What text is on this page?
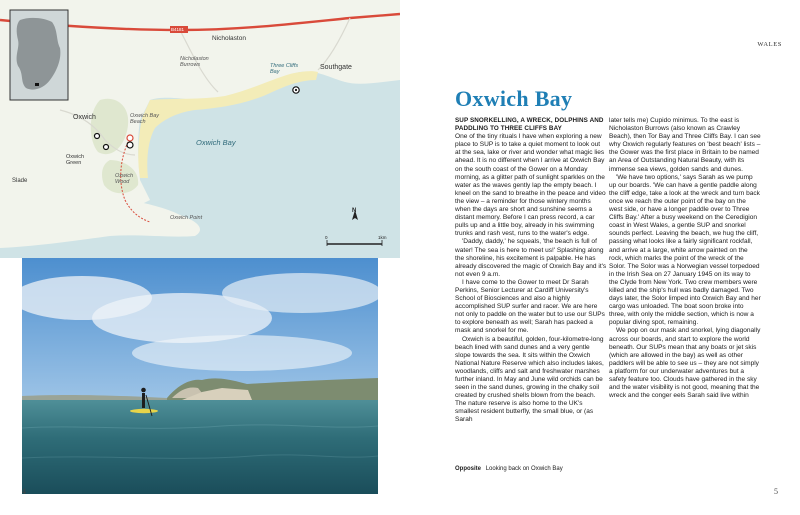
B4181
Nicholaston
Nicholaston
Burrows	Three Cliffs
Bay
Southgate
Oxwich	Oxwich Bay
Beach
Oxwich Bay
Oxwich
Green
Oxwich
Wood
Slade
Oxwich Point
N
0	1km
4
WALES
Oxwich Bay
SUP SNORKELLING, A WRECK, DOLPHINS AND PADDLING TO THREE CLIFFS BAY

One of the tiny rituals I have when exploring a new place to SUP is to take a quiet moment to look out at the sea, lake or river and wonder what magic lies ahead. It is no different when I arrive at Oxwich Bay on the south coast of the Gower on a Monday morning, as a glitter path of sunlight sparkles on the water as the waves gently lap the empty beach. I kneel on the sand to breathe in the peace and video the view – a reminder for those wintery months when the days are short and sunshine seems a distant memory. Before I can press record, a car pulls up and a little boy, already in his swimming trunks and rash vest, runs to the water's edge.

'Daddy, daddy,' he squeals, 'the beach is full of water! The sea is here to meet us!' Splashing along the shoreline, his excitement is palpable. He has already discovered the magic of Oxwich Bay and it's not even 9 a.m.

I have come to the Gower to meet Dr Sarah Perkins, Senior Lecturer at Cardiff University's School of Biosciences and also a highly accomplished SUP surfer and racer. We are here not only to paddle on the water but to use our SUPs to explore beneath as well; Sarah has packed a mask and snorkel for me.

Oxwich is a beautiful, golden, four-kilometre-long beach lined with sand dunes and a very gentle slope towards the sea. It sits within the Oxwich National Nature Reserve which also includes lakes, woodlands, cliffs and salt and freshwater marshes further inland. In May and June wild orchids can be seen in the sand dunes, growing in the chalky soil created by crushed shells blown from the beach. The nature reserve is also home to the UK's smallest resident butterfly, the small blue, or (as Sarah

later tells me) Cupido minimus. To the east is Nicholaston Burrows (also known as Crawley Beach), then Tor Bay and Three Cliffs Bay. I can see why Oxwich regularly features on 'best beach' lists – the Gower was the first place in Britain to be named an Area of Outstanding Natural Beauty, with its immense sea views, golden sands and dunes.

'We have two options,' says Sarah as we pump up our boards. 'We can have a gentle paddle along the cliff edge, take a look at the wreck and turn back once we reach the outer point of the bay on the west side, or have a longer paddle over to Three Cliffs Bay.' After a busy weekend on the Ceredigion coast in West Wales, a gentle SUP and snorkel sounds perfect. Leaving the beach, we hug the cliff, passing what looks like a fairly significant rockfall, and arrive at a large, white arrow painted on the rock, which marks the point of the wreck of the Solor. The Solor was a Norwegian vessel torpedoed in the Irish Sea on 27 January 1945 on its way to the Clyde from New York. Two crew members were killed and the ship's hull was badly damaged. Two days later, the Solor limped into Oxwich Bay and her cargo was unloaded. The boat soon broke into three, with only the middle section, which is now a popular diving spot, remaining.

We pop on our mask and snorkel, lying diagonally across our boards, and start to explore the world beneath. Our SUPs mean that any boats or jet skis (which are allowed in the bay) as well as other paddlers will be able to see us – they are not simply a platform for our underwater adventures but a safety feature too. Clouds have gathered in the sky and the water visibility is not good, meaning that the wreck and the conger eels Sarah said live within

Opposite Looking back on Oxwich Bay
5
